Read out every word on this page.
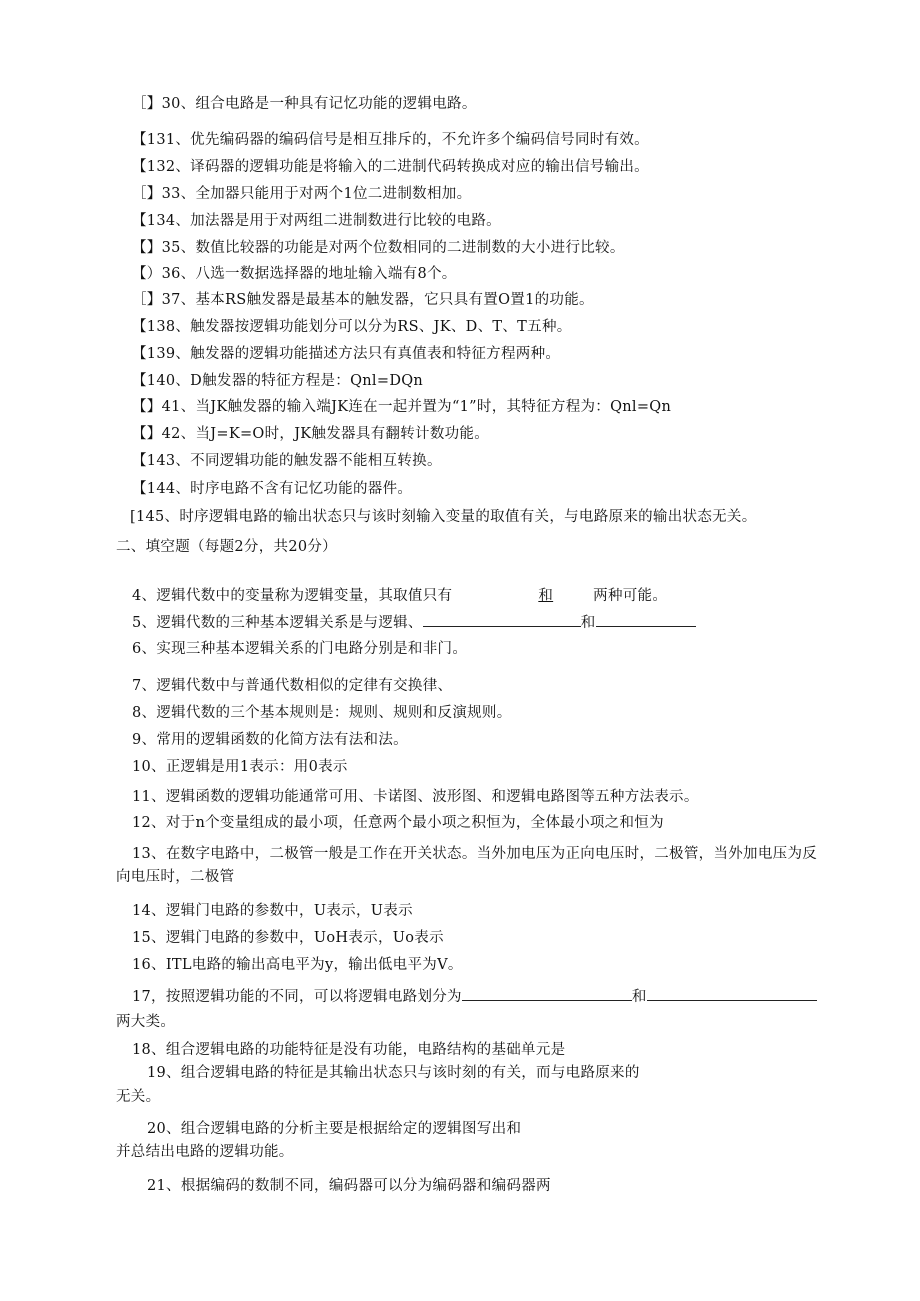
［】30、组合电路是一种具有记忆功能的逻辑电路。
【131、优先编码器的编码信号是相互排斥的，不允许多个编码信号同时有效。
【132、译码器的逻辑功能是将输入的二进制代码转换成对应的输出信号输出。
［】33、全加器只能用于对两个1位二进制数相加。
【134、加法器是用于对两组二进制数进行比较的电路。
【】35、数值比较器的功能是对两个位数相同的二进制数的大小进行比较。
【）36、八选一数据选择器的地址输入端有8个。
［】37、基本RS触发器是最基本的触发器，它只具有置O置1的功能。
【138、触发器按逻辑功能划分可以分为RS、JK、D、T、T五种。
【139、触发器的逻辑功能描述方法只有真值表和特征方程两种。
【140、D触发器的特征方程是：Qnl=DQn
【】41、当JK触发器的输入端JK连在一起并置为“1”时，其特征方程为：Qnl=Qn
【】42、当J=K=O时，JK触发器具有翻转计数功能。
【143、不同逻辑功能的触发器不能相互转换。
【144、时序电路不含有记忆功能的器件。
[145、时序逻辑电路的输出状态只与该时刻输入变量的取值有关，与电路原来的输出状态无关。
二、填空题（每题2分，共20分）
4、逻辑代数中的变量称为逻辑变量，其取值只有	和	两种可能。
5、逻辑代数的三种基本逻辑关系是与逻辑、	和
6、实现三种基本逻辑关系的门电路分别是和非门。
7、逻辑代数中与普通代数相似的定律有交换律、
8、逻辑代数的三个基本规则是：规则、规则和反演规则。
9、常用的逻辑函数的化简方法有法和法。
10、正逻辑是用1表示：用0表示
11、逻辑函数的逻辑功能通常可用、卡诺图、波形图、和逻辑电路图等五种方法表示。
12、对于n个变量组成的最小项，任意两个最小项之积恒为，全体最小项之和恒为
13、在数字电路中，二极管一般是工作在开关状态。当外加电压为正向电压时，二极管，当外加电压为反
向电压时，二极管
14、逻辑门电路的参数中，U表示，U表示
15、逻辑门电路的参数中，UoH表示，Uo表示
16、ITL电路的输出高电平为y，输出低电平为V。
17，按照逻辑功能的不同，可以将逻辑电路划分为	和
两大类。
18、组合逻辑电路的功能特征是没有功能，电路结构的基础单元是
19、组合逻辑电路的特征是其输出状态只与该时刻的有关，而与电路原来的
无关。
20、组合逻辑电路的分析主要是根据给定的逻辑图写出和
并总结出电路的逻辑功能。
21、根据编码的数制不同，编码器可以分为编码器和编码器两
